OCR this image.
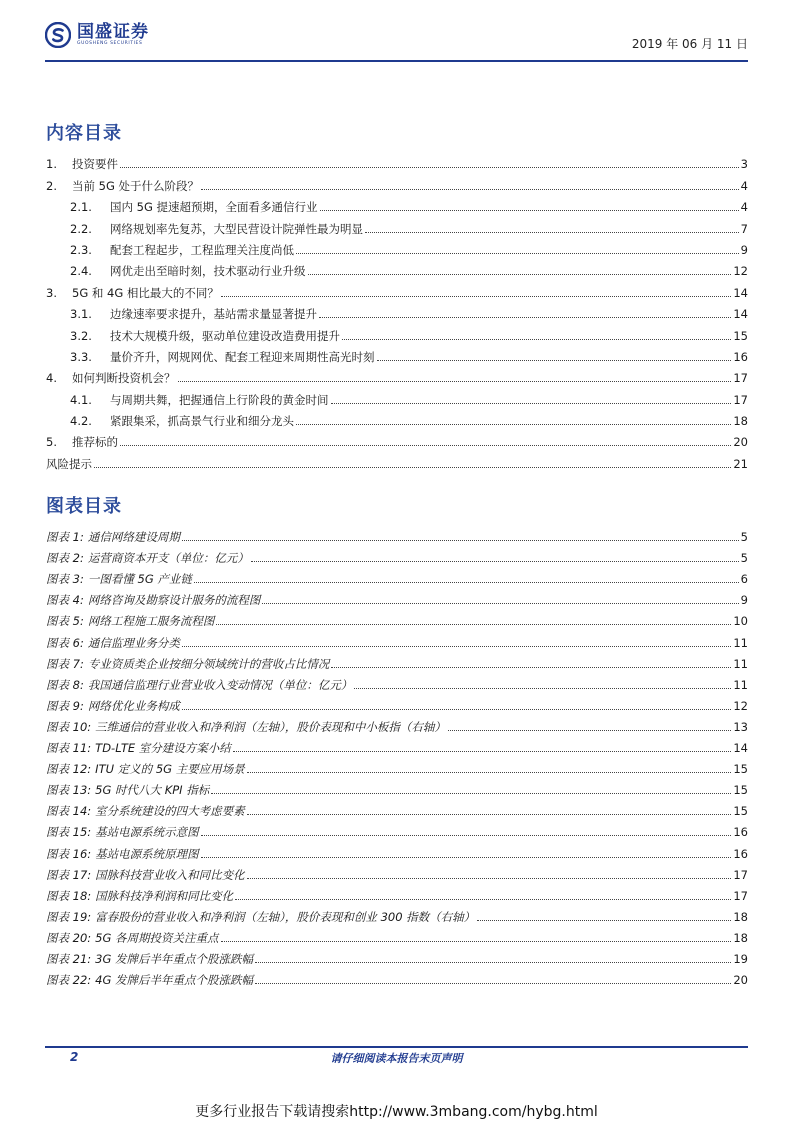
国盛证券
GUOSHENG SECURITIES	2019 年 06 月 11 日
内容目录
1.	投资要件	3
2.	当前 5G 处于什么阶段？	4
2.1.	国内 5G 提速超预期，全面看多通信行业	4
2.2.	网络规划率先复苏，大型民营设计院弹性最为明显	7
2.3.	配套工程起步，工程监理关注度尚低	9
2.4.	网优走出至暗时刻，技术驱动行业升级	12
3.	5G 和 4G 相比最大的不同？	14
3.1.	边缘速率要求提升，基站需求量显著提升	14
3.2.	技术大规模升级，驱动单位建设改造费用提升	15
3.3.	量价齐升，网规网优、配套工程迎来周期性高光时刻	16
4.	如何判断投资机会？	17
4.1.	与周期共舞，把握通信上行阶段的黄金时间	17
4.2.	紧跟集采，抓高景气行业和细分龙头	18
5.	推荐标的	20
风险提示	21
图表目录
图表 1: 通信网络建设周期	5
图表 2: 运营商资本开支（单位：亿元）	5
图表 3: 一图看懂 5G 产业链	6
图表 4: 网络咨询及勘察设计服务的流程图	9
图表 5: 网络工程施工服务流程图	10
图表 6: 通信监理业务分类	11
图表 7: 专业资质类企业按细分领域统计的营收占比情况	11
图表 8: 我国通信监理行业营业收入变动情况（单位：亿元）	11
图表 9: 网络优化业务构成	12
图表 10: 三维通信的营业收入和净利润（左轴），股价表现和中小板指（右轴）	13
图表 11: TD-LTE 室分建设方案小结	14
图表 12: ITU 定义的 5G 主要应用场景	15
图表 13: 5G 时代八大 KPI 指标	15
图表 14: 室分系统建设的四大考虑要素	15
图表 15: 基站电源系统示意图	16
图表 16: 基站电源系统原理图	16
图表 17: 国脉科技营业收入和同比变化	17
图表 18: 国脉科技净利润和同比变化	17
图表 19: 富春股份的营业收入和净利润（左轴），股价表现和创业 300 指数（右轴）	18
图表 20: 5G 各周期投资关注重点	18
图表 21: 3G 发牌后半年重点个股涨跌幅	19
图表 22: 4G 发牌后半年重点个股涨跌幅	20
2	请仔细阅读本报告末页声明
更多行业报告下载请搜索http://www.3mbang.com/hybg.html
